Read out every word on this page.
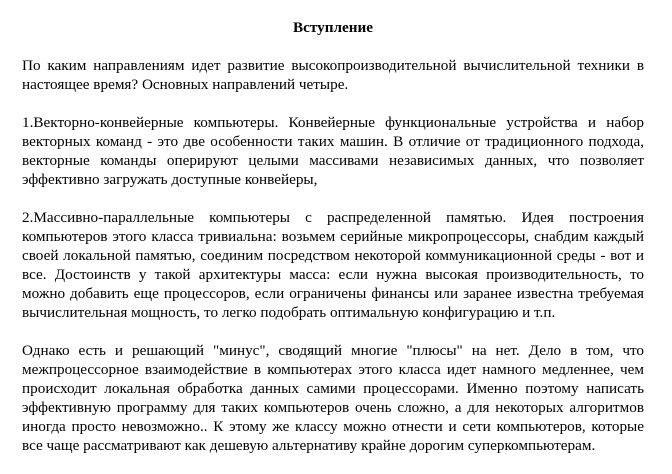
Вступление

По каким направлениям идет развитие высокопроизводительной вычислительной техники в настоящее время? Основных направлений четыре.

1.Векторно-конвейерные компьютеры. Конвейерные функциональные устройства и набор векторных команд - это две особенности таких машин. В отличие от традиционного подхода, векторные команды оперируют целыми массивами независимых данных, что позволяет эффективно загружать доступные конвейеры,

2.Массивно-параллельные компьютеры с распределенной памятью. Идея построения компьютеров этого класса тривиальна: возьмем серийные микропроцессоры, снабдим каждый своей локальной памятью, соединим посредством некоторой коммуникационной среды - вот и все. Достоинств у такой архитектуры масса: если нужна высокая производительность, то можно добавить еще процессоров, если ограничены финансы или заранее известна требуемая вычислительная мощность, то легко подобрать оптимальную конфигурацию и т.п.

Однако есть и решающий "минус", сводящий многие "плюсы" на нет. Дело в том, что межпроцессорное взаимодействие в компьютерах этого класса идет намного медленнее, чем происходит локальная обработка данных самими процессорами. Именно поэтому написать эффективную программу для таких компьютеров очень сложно, а для некоторых алгоритмов иногда просто невозможно.. К этому же классу можно отнести и сети компьютеров, которые все чаще рассматривают как дешевую альтернативу крайне дорогим суперкомпьютерам.
